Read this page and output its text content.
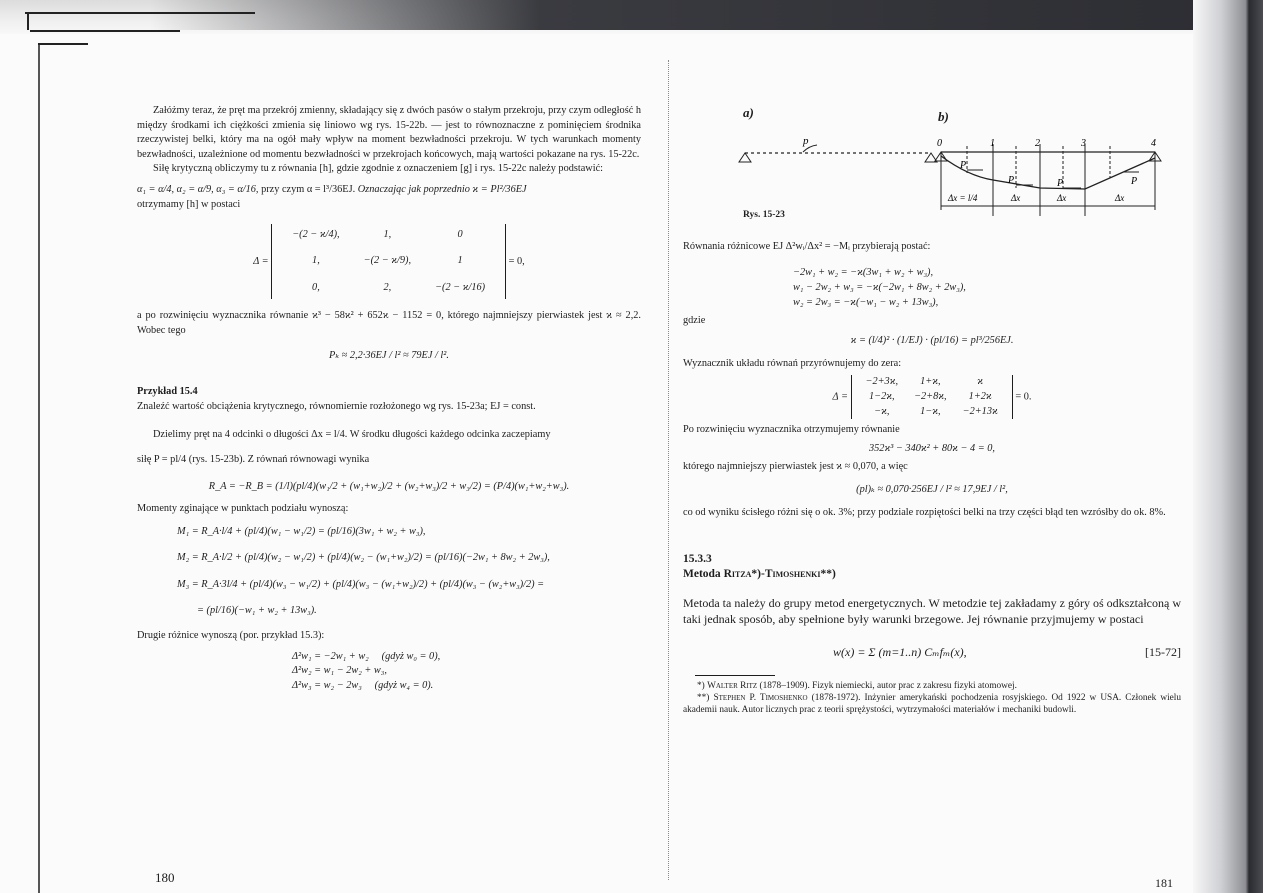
Załóżmy teraz, że pręt ma przekrój zmienny, składający się z dwóch pasów o stałym przekroju, przy czym odległość h między środkami ich ciężkości zmienia się liniowo wg rys. 15-22b. — jest to równoznaczne z pominięciem środnika rzeczywistej belki, który ma na ogół mały wpływ na moment bezwładności przekroju. W tych warunkach momenty bezwładności, uzależnione od momentu bezwładności w przekrojach końcowych, mają wartości pokazane na rys. 15-22c.

Siłę krytyczną obliczymy tu z równania [h], gdzie zgodnie z oznaczeniem [g] i rys. 15-22c należy podstawić:

α₁ = α/4, α₂ = α/9, α₃ = α/16, przy czym α = l³/36EJ. Oznaczając jak poprzednio ϰ = Pl²/36EJ

otrzymamy [h] w postaci

Δ =
−(2 − ϰ/4),	1,	0
1,	−(2 − ϰ/9),	1
0,	2,	−(2 − ϰ/16)
= 0,

a po rozwinięciu wyznacznika równanie ϰ³ − 58ϰ² + 652ϰ − 1152 = 0, którego najmniejszy pierwiastek jest ϰ ≈ 2,2. Wobec tego

Pₖ ≈ 2,2·36EJ / l² ≈ 79EJ / l².

Przykład 15.4

Znaleźć wartość obciążenia krytycznego, równomiernie rozłożonego wg rys. 15-23a; EJ = const.

Dzielimy pręt na 4 odcinki o długości Δx = l/4. W środku długości każdego odcinka zaczepiamy

siłę P = pl/4 (rys. 15-23b). Z równań równowagi wynika

R_A = −R_B = (1/l)(pl/4)(w₁/2 + (w₁+w₂)/2 + (w₂+w₃)/2 + w₃/2) = (P/4)(w₁+w₂+w₃).

Momenty zginające w punktach podziału wynoszą:

M₁ = R_A·l/4 + (pl/4)(w₁ − w₁/2) = (pl/16)(3w₁ + w₂ + w₃),

M₂ = R_A·l/2 + (pl/4)(w₂ − w₁/2) + (pl/4)(w₂ − (w₁+w₂)/2) = (pl/16)(−2w₁ + 8w₂ + 2w₃),

M₃ = R_A·3l/4 + (pl/4)(w₃ − w₁/2) + (pl/4)(w₃ − (w₁+w₂)/2) + (pl/4)(w₃ − (w₂+w₃)/2) =

= (pl/16)(−w₁ + w₂ + 13w₃).

Drugie różnice wynoszą (por. przykład 15.3):

Δ²w₁ = −2w₁ + w₂     (gdyż w₀ = 0),

Δ²w₂ = w₁ − 2w₂ + w₃,

Δ²w₃ = w₂ − 2w₃     (gdyż w₄ = 0).

180
a)	b)
P
P	P	P
p	0	1	2	3	4
Δx = l/4	Δx	Δx	Δx
Rys. 15-23

Równania różnicowe EJ Δ²wᵢ/Δx² = −Mᵢ przybierają postać:

−2w₁ + w₂ = −ϰ(3w₁ + w₂ + w₃),

w₁ − 2w₂ + w₃ = −ϰ(−2w₁ + 8w₂ + 2w₃),

w₂ = 2w₃ = −ϰ(−w₁ − w₂ + 13w₃),

gdzie

ϰ = (l/4)² · (1/EJ) · (pl/16) = pl³/256EJ.

Wyznacznik układu równań przyrównujemy do zera:

Δ =
−2+3ϰ,	1+ϰ,	ϰ
1−2ϰ,	−2+8ϰ,	1+2ϰ
−ϰ,	1−ϰ,	−2+13ϰ
= 0.

Po rozwinięciu wyznacznika otrzymujemy równanie

352ϰ³ − 340ϰ² + 80ϰ − 4 = 0,

którego najmniejszy pierwiastek jest ϰ ≈ 0,070, a więc

(pl)ₖ ≈ 0,070·256EJ / l² ≈ 17,9EJ / l²,

co od wyniku ścisłego różni się o ok. 3%; przy podziale rozpiętości belki na trzy części błąd ten wzrósłby do ok. 8%.

15.3.3

Metoda Ritza*)-Timoshenki**)

Metoda ta należy do grupy metod energetycznych. W metodzie tej zakładamy z góry oś odkształconą w taki jednak sposób, aby spełnione były warunki brzegowe. Jej równanie przyjmujemy w postaci

w(x) = Σ (m=1..n) Cₘfₘ(x),	[15-72]

*) Walter Ritz (1878–1909). Fizyk niemiecki, autor prac z zakresu fizyki atomowej.

**) Stephen P. Timoshenko (1878-1972). Inżynier amerykański pochodzenia rosyjskiego. Od 1922 w USA. Członek wielu akademii nauk. Autor licznych prac z teorii sprężystości, wytrzymałości materiałów i mechaniki budowli.

181
